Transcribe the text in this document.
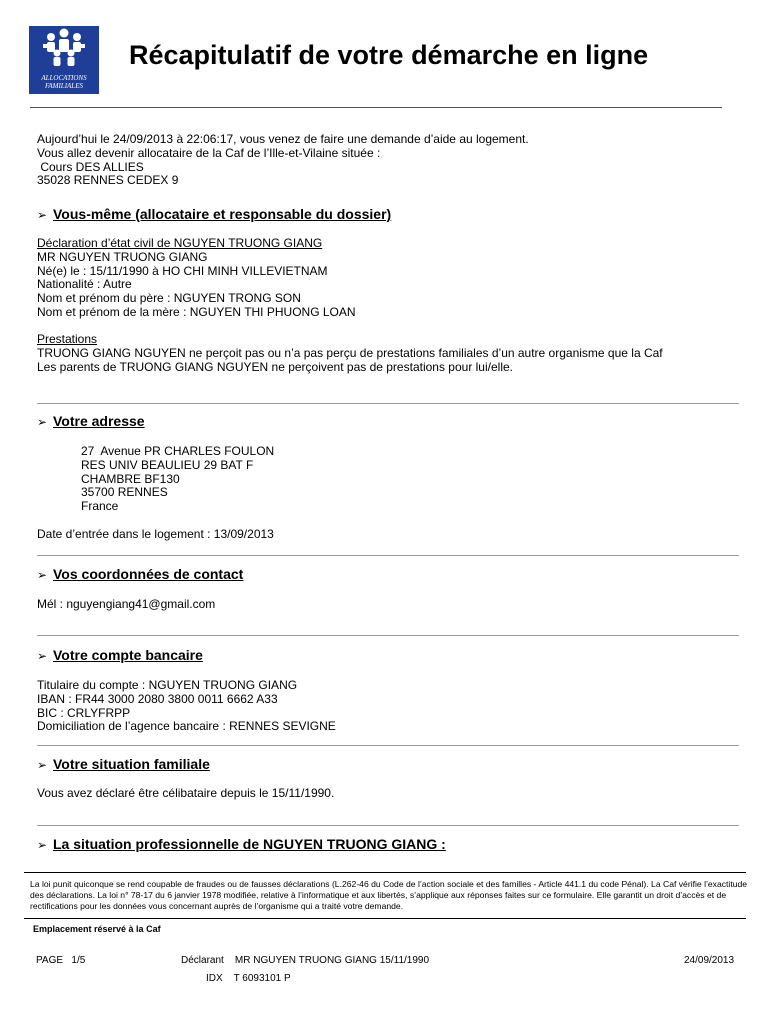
ALLOCATIONS
FAMILIALES
Récapitulatif de votre démarche en ligne
Aujourd’hui le 24/09/2013 à 22:06:17, vous venez de faire une demande d’aide au logement.
Vous allez devenir allocataire de la Caf de l’Ille-et-Vilaine située :
Cours DES ALLIES
35028 RENNES CEDEX 9
➢ Vous-même (allocataire et responsable du dossier)
Déclaration d’état civil de NGUYEN TRUONG GIANG
MR NGUYEN TRUONG GIANG
Né(e) le : 15/11/1990 à HO CHI MINH VILLEVIETNAM
Nationalité : Autre
Nom et prénom du père : NGUYEN TRONG SON
Nom et prénom de la mère : NGUYEN THI PHUONG LOAN
Prestations
TRUONG GIANG NGUYEN ne perçoit pas ou n’a pas perçu de prestations familiales d’un autre organisme que la Caf
Les parents de TRUONG GIANG NGUYEN ne perçoivent pas de prestations pour lui/elle.
➢ Votre adresse
27  Avenue PR CHARLES FOULON
RES UNIV BEAULIEU 29 BAT F
CHAMBRE BF130
35700 RENNES
France
Date d’entrée dans le logement : 13/09/2013
➢ Vos coordonnées de contact
Mél : nguyengiang41@gmail.com
➢ Votre compte bancaire
Titulaire du compte : NGUYEN TRUONG GIANG
IBAN : FR44 3000 2080 3800 0011 6662 A33
BIC : CRLYFRPP
Domiciliation de l’agence bancaire : RENNES SEVIGNE
➢ Votre situation familiale
Vous avez déclaré être célibataire depuis le 15/11/1990.
➢ La situation professionnelle de NGUYEN TRUONG GIANG :
La loi punit quiconque se rend coupable de fraudes ou de fausses déclarations (L.262-46 du Code de l’action sociale et des familles - Article 441.1 du code Pénal). La Caf vérifie l’exactitude des déclarations. La loi n° 78-17 du 6 janvier 1978 modifiée, relative à l’informatique et aux libertés, s’applique aux réponses faites sur ce formulaire. Elle garantit un droit d’accès et de rectifications pour les données vous concernant auprès de l’organisme qui a traité votre demande.
Emplacement réservé à la Caf
PAGE   1/5	Déclarant    MR NGUYEN TRUONG GIANG 15/11/1990	24/09/2013
IDX    T 6093101 P
